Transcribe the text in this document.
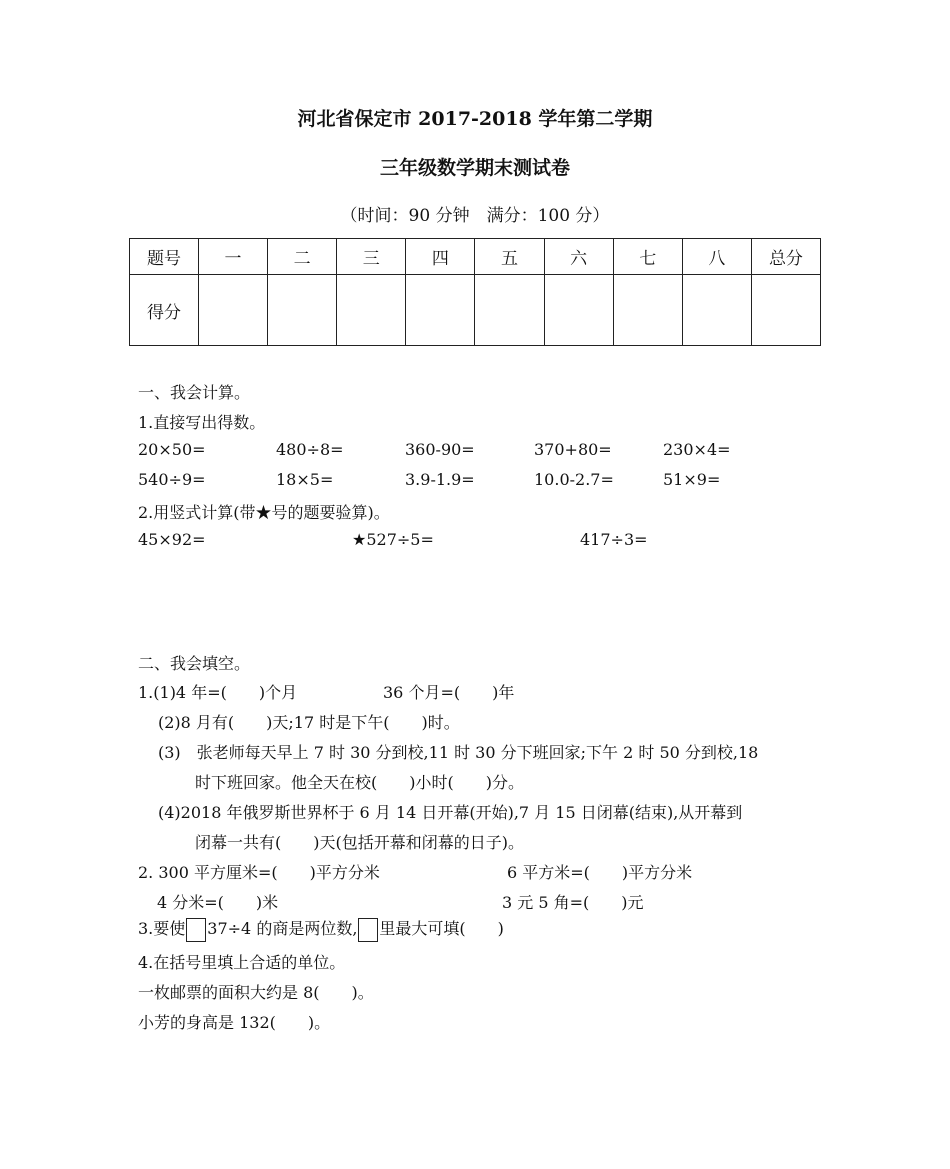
河北省保定市 2017-2018 学年第二学期
三年级数学期末测试卷
（时间：90 分钟　满分：100 分）
题号	一	二	三	四	五	六	七	八	总分
得分									
一、我会计算。
1.直接写出得数。
20×50=	480÷8=	360-90=	370+80=	230×4=
540÷9=	18×5=	3.9-1.9=	10.0-2.7=	51×9=
2.用竖式计算(带★号的题要验算)。
45×92=	★527÷5=	417÷3=
二、我会填空。
1.(1)4 年=(　　)个月	36 个月=(　　)年
(2)8 月有(　　)天;17 时是下午(　　)时。
(3)　张老师每天早上 7 时 30 分到校,11 时 30 分下班回家;下午 2 时 50 分到校,18
时下班回家。他全天在校(　　)小时(　　)分。
(4)2018 年俄罗斯世界杯于 6 月 14 日开幕(开始),7 月 15 日闭幕(结束),从开幕到
闭幕一共有(　　)天(包括开幕和闭幕的日子)。
2. 300 平方厘米=(　　)平方分米	6 平方米=(　　)平方分米
4 分米=(　　)米	3 元 5 角=(　　)元
3.要使 37÷4 的商是两位数, 里最大可填(　　)
4.在括号里填上合适的单位。
一枚邮票的面积大约是 8(　　)。
小芳的身高是 132(　　)。
